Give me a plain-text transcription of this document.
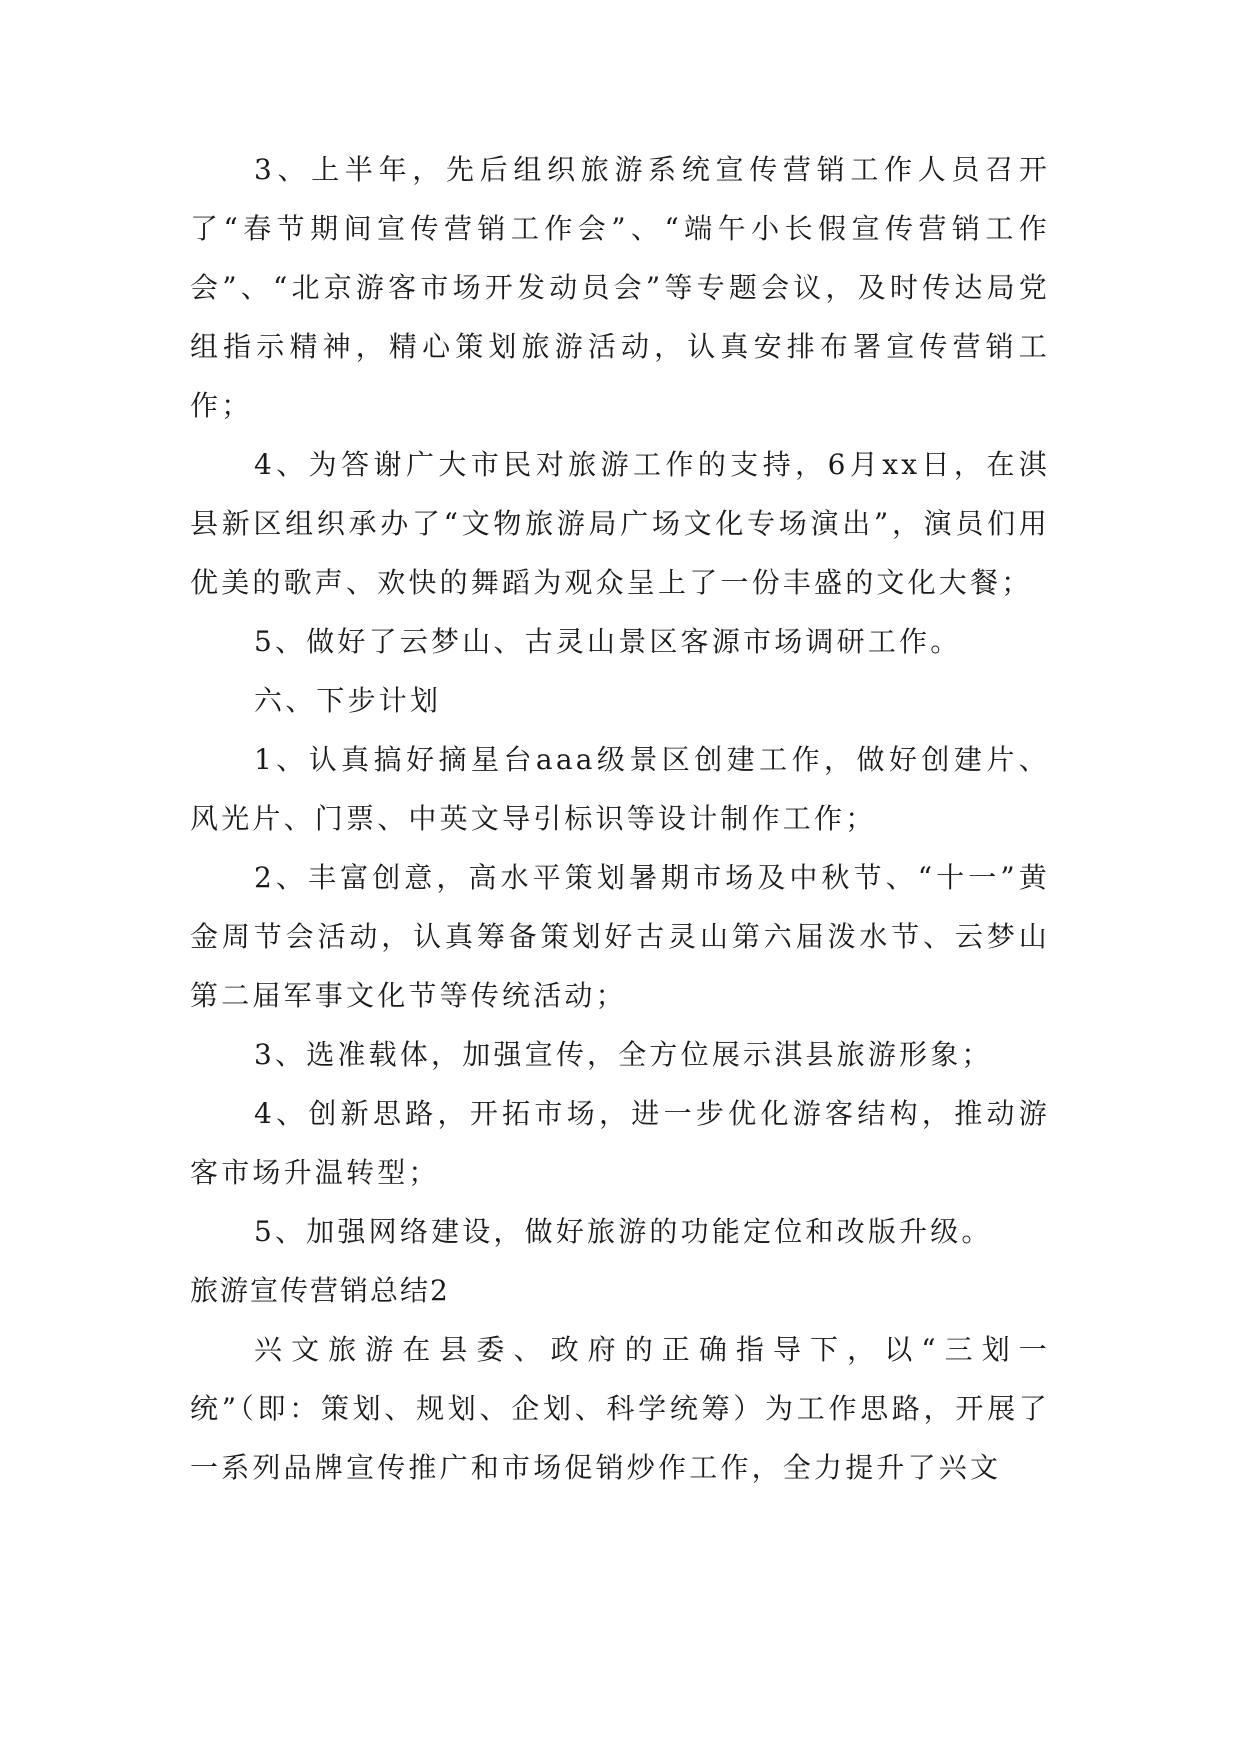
3、上半年，先后组织旅游系统宣传营销工作人员召开了“春节期间宣传营销工作会”、“端午小长假宣传营销工作会”、“北京游客市场开发动员会”等专题会议，及时传达局党组指示精神，精心策划旅游活动，认真安排布署宣传营销工作；

4、为答谢广大市民对旅游工作的支持，6月xx日，在淇县新区组织承办了“文物旅游局广场文化专场演出”，演员们用优美的歌声、欢快的舞蹈为观众呈上了一份丰盛的文化大餐；

5、做好了云梦山、古灵山景区客源市场调研工作。

六、下步计划

1、认真搞好摘星台aaa级景区创建工作，做好创建片、风光片、门票、中英文导引标识等设计制作工作；

2、丰富创意，高水平策划暑期市场及中秋节、“十一”黄金周节会活动，认真筹备策划好古灵山第六届泼水节、云梦山第二届军事文化节等传统活动；

3、选准载体，加强宣传，全方位展示淇县旅游形象；

4、创新思路，开拓市场，进一步优化游客结构，推动游客市场升温转型；

5、加强网络建设，做好旅游的功能定位和改版升级。

旅游宣传营销总结2

兴文旅游在县委、政府的正确指导下，以“三划一统”（即：策划、规划、企划、科学统筹）为工作思路，开展了一系列品牌宣传推广和市场促销炒作工作，全力提升了兴文
